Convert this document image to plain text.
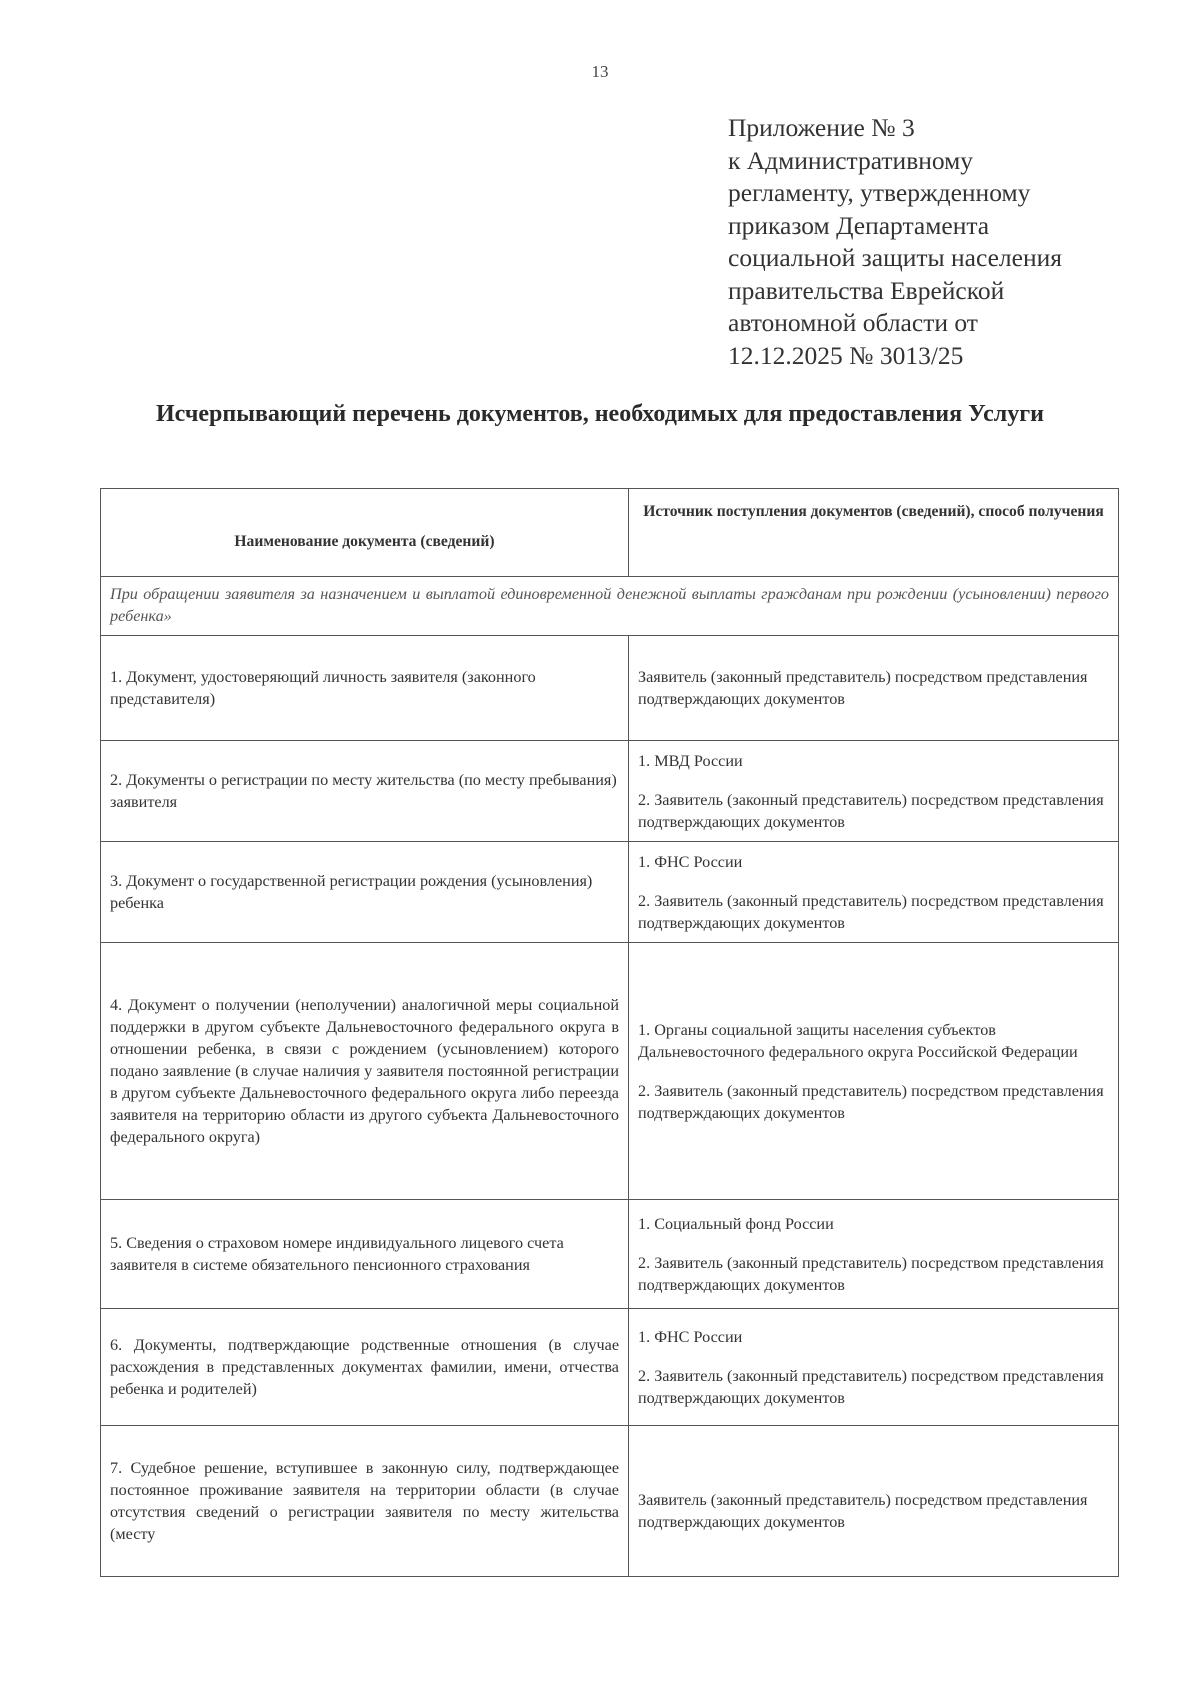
13
Приложение № 3
к Административному
регламенту, утвержденному
приказом Департамента
социальной защиты населения
правительства Еврейской
автономной области от
12.12.2025 № 3013/25
Исчерпывающий перечень документов, необходимых для предоставления Услуги
Наименование документа (сведений)	Источник поступления документов (сведений), способ получения
При обращении заявителя за назначением и выплатой единовременной денежной выплаты гражданам при рождении (усыновлении) первого ребенка»	
1. Документ, удостоверяющий личность заявителя (законного представителя)	Заявитель (законный представитель) посредством представления подтверждающих документов

2. Документы о регистрации по месту жительства (по месту пребывания) заявителя	1. МВД России

2. Заявитель (законный представитель) посредством представления подтверждающих документов

3. Документ о государственной регистрации рождения (усыновления) ребенка	1. ФНС России

2. Заявитель (законный представитель) посредством представления подтверждающих документов

4. Документ о получении (неполучении) аналогичной меры социальной поддержки в другом субъекте Дальневосточного федерального округа в отношении ребенка, в связи с рождением (усыновлением) которого подано заявление (в случае наличия у заявителя постоянной регистрации в другом субъекте Дальневосточного федерального округа либо переезда заявителя на территорию области из другого субъекта Дальневосточного федерального округа)	1. Органы социальной защиты населения субъектов Дальневосточного федерального округа Российской Федерации

2. Заявитель (законный представитель) посредством представления подтверждающих документов

5. Сведения о страховом номере индивидуального лицевого счета заявителя в системе обязательного пенсионного страхования	1. Социальный фонд России

2. Заявитель (законный представитель) посредством представления подтверждающих документов

6. Документы, подтверждающие родственные отношения (в случае расхождения в представленных документах фамилии, имени, отчества ребенка и родителей)	1. ФНС России

2. Заявитель (законный представитель) посредством представления подтверждающих документов

7. Судебное решение, вступившее в законную силу, подтверждающее постоянное проживание заявителя на территории области (в случае отсутствия сведений о регистрации заявителя по месту жительства (месту	Заявитель (законный представитель) посредством представления подтверждающих документов
